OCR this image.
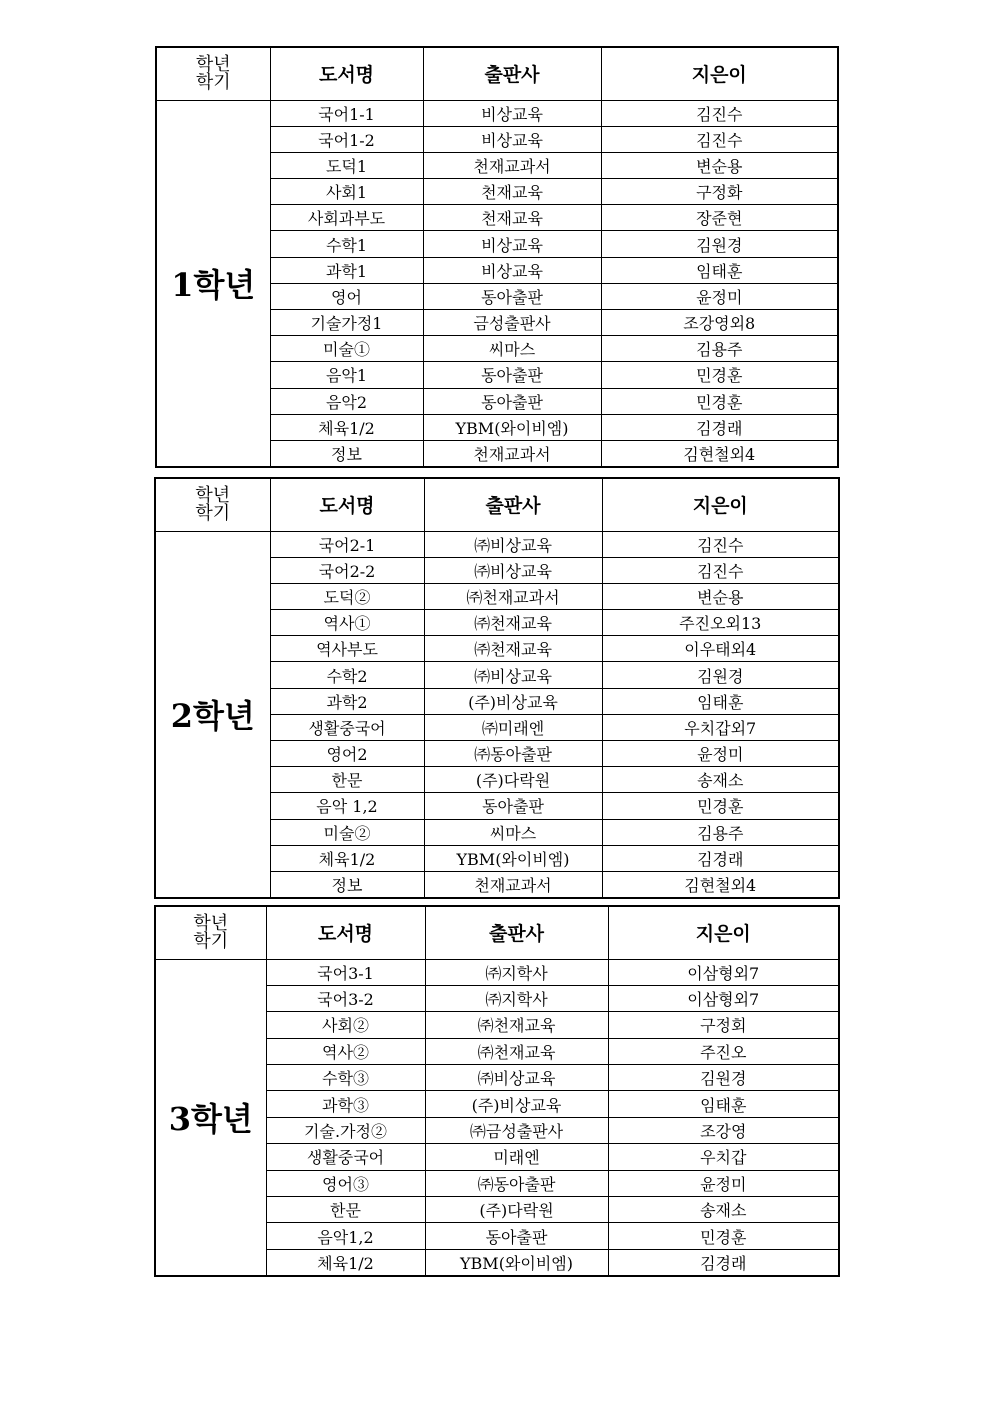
학년
학기	도서명	출판사	지은이
1학년	국어1-1	비상교육	김진수
	국어1-2	비상교육	김진수
	도덕1	천재교과서	변순용
	사회1	천재교육	구정화
	사회과부도	천재교육	장준현
	수학1	비상교육	김원경
	과학1	비상교육	임태훈
	영어	동아출판	윤정미
	기술가정1	금성출판사	조강영외8
	미술①	씨마스	김용주
	음악1	동아출판	민경훈
	음악2	동아출판	민경훈
	체육1/2	YBM(와이비엠)	김경래
	정보	천재교과서	김현철외4
학년
학기	도서명	출판사	지은이
2학년	국어2-1	㈜비상교육	김진수
	국어2-2	㈜비상교육	김진수
	도덕②	㈜천재교과서	변순용
	역사①	㈜천재교육	주진오외13
	역사부도	㈜천재교육	이우태외4
	수학2	㈜비상교육	김원경
	과학2	(주)비상교육	임태훈
	생활중국어	㈜미래엔	우치갑외7
	영어2	㈜동아출판	윤정미
	한문	(주)다락원	송재소
	음악 1,2	동아출판	민경훈
	미술②	씨마스	김용주
	체육1/2	YBM(와이비엠)	김경래
	정보	천재교과서	김현철외4
학년
학기	도서명	출판사	지은이
3학년	국어3-1	㈜지학사	이삼형외7
	국어3-2	㈜지학사	이삼형외7
	사회②	㈜천재교육	구정회
	역사②	㈜천재교육	주진오
	수학③	㈜비상교육	김원경
	과학③	(주)비상교육	임태훈
	기술.가정②	㈜금성출판사	조강영
	생활중국어	미래엔	우치갑
	영어③	㈜동아출판	윤정미
	한문	(주)다락원	송재소
	음악1,2	동아출판	민경훈
	체육1/2	YBM(와이비엠)	김경래
